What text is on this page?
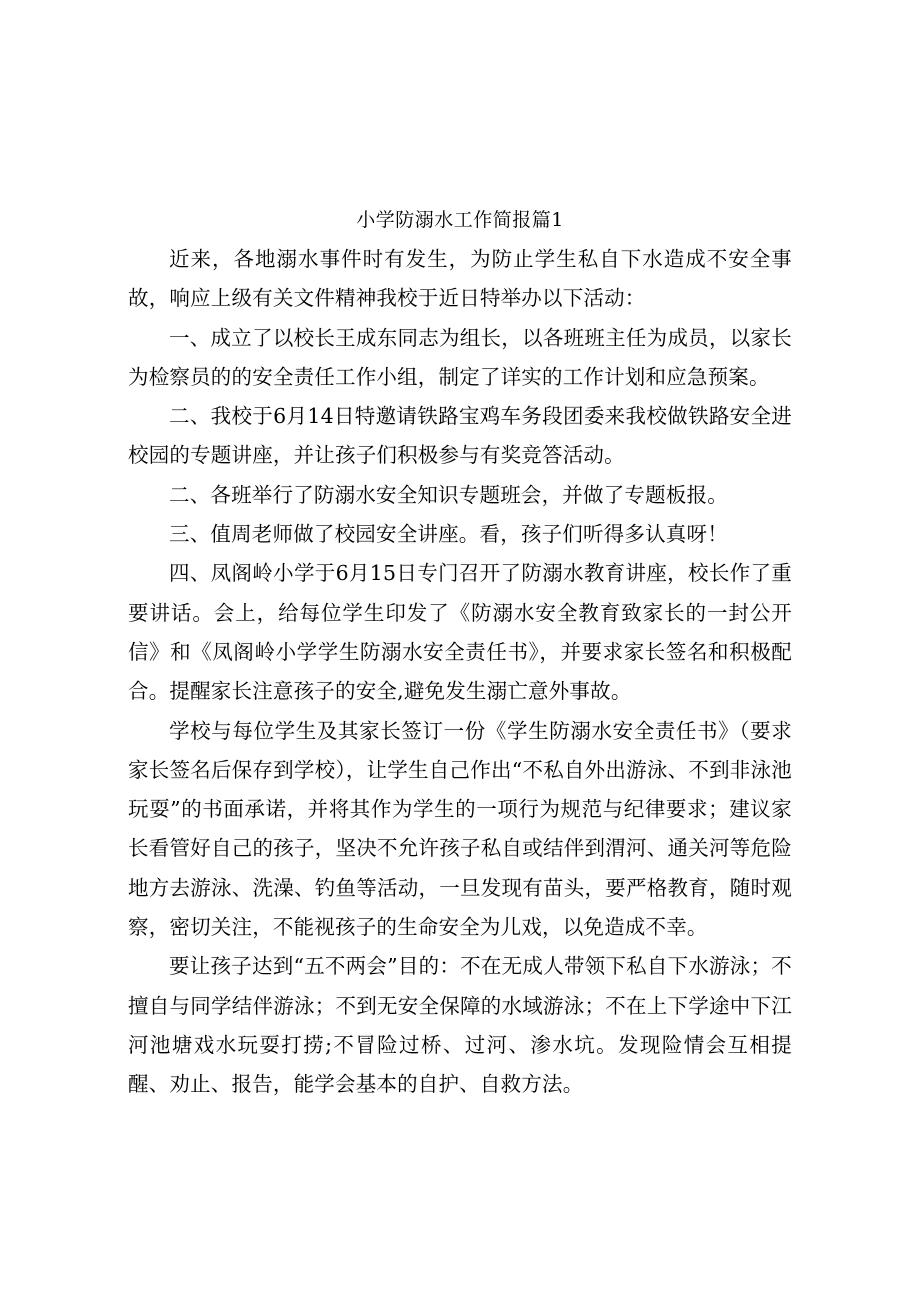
小学防溺水工作简报篇1

近来，各地溺水事件时有发生，为防止学生私自下水造成不安全事故，响应上级有关文件精神我校于近日特举办以下活动：

一、成立了以校长王成东同志为组长，以各班班主任为成员，以家长为检察员的的安全责任工作小组，制定了详实的工作计划和应急预案。

二、我校于6月14日特邀请铁路宝鸡车务段团委来我校做铁路安全进校园的专题讲座，并让孩子们积极参与有奖竞答活动。

二、各班举行了防溺水安全知识专题班会，并做了专题板报。

三、值周老师做了校园安全讲座。看，孩子们听得多认真呀！

四、凤阁岭小学于6月15日专门召开了防溺水教育讲座，校长作了重要讲话。会上，给每位学生印发了《防溺水安全教育致家长的一封公开信》和《凤阁岭小学学生防溺水安全责任书》，并要求家长签名和积极配合。提醒家长注意孩子的安全,避免发生溺亡意外事故。

学校与每位学生及其家长签订一份《学生防溺水安全责任书》（要求家长签名后保存到学校），让学生自己作出“不私自外出游泳、不到非泳池玩耍”的书面承诺，并将其作为学生的一项行为规范与纪律要求；建议家长看管好自己的孩子，坚决不允许孩子私自或结伴到渭河、通关河等危险地方去游泳、洗澡、钓鱼等活动，一旦发现有苗头，要严格教育，随时观察，密切关注，不能视孩子的生命安全为儿戏，以免造成不幸。

要让孩子达到“五不两会”目的：不在无成人带领下私自下水游泳；不擅自与同学结伴游泳；不到无安全保障的水域游泳；不在上下学途中下江河池塘戏水玩耍打捞;不冒险过桥、过河、渗水坑。发现险情会互相提醒、劝止、报告，能学会基本的自护、自救方法。
